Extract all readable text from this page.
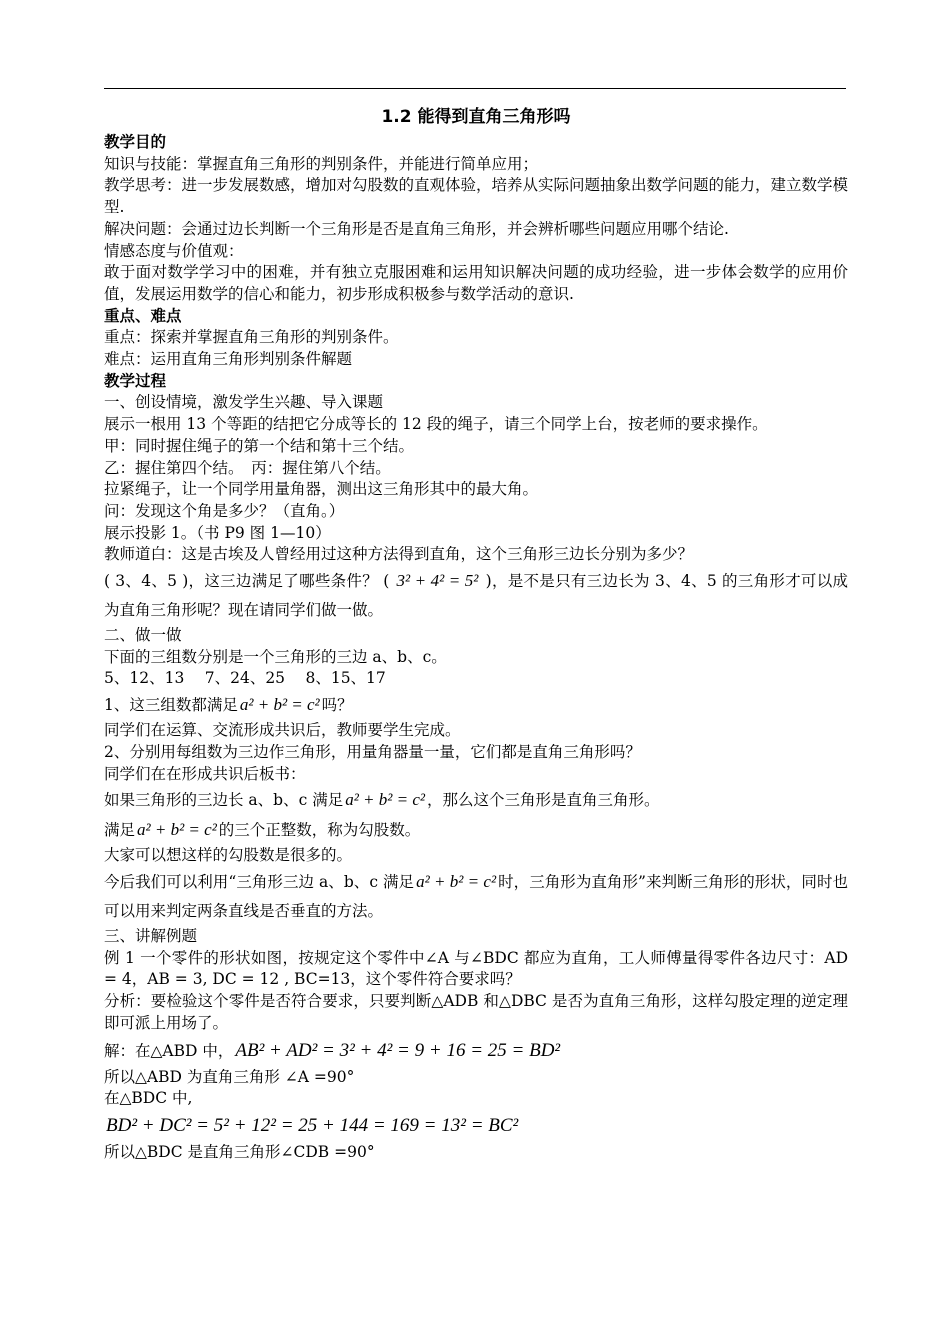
1.2 能得到直角三角形吗
教学目的
知识与技能：掌握直角三角形的判别条件，并能进行简单应用；
教学思考：进一步发展数感，增加对勾股数的直观体验，培养从实际问题抽象出数学问题的能力，建立数学模型.
解决问题：会通过边长判断一个三角形是否是直角三角形，并会辨析哪些问题应用哪个结论.
情感态度与价值观：
敢于面对数学学习中的困难，并有独立克服困难和运用知识解决问题的成功经验，进一步体会数学的应用价值，发展运用数学的信心和能力，初步形成积极参与数学活动的意识.
重点、难点
重点：探索并掌握直角三角形的判别条件。
难点：运用直角三角形判别条件解题
教学过程
一、创设情境，激发学生兴趣、导入课题
展示一根用 13 个等距的结把它分成等长的 12 段的绳子，请三个同学上台，按老师的要求操作。
甲：同时握住绳子的第一个结和第十三个结。
乙：握住第四个结。　丙：握住第八个结。
拉紧绳子，让一个同学用量角器，测出这三角形其中的最大角。
问：发现这个角是多少？（直角。）
展示投影 1。（书 P9 图 1—10）
教师道白：这是古埃及人曾经用过这种方法得到直角，这个三角形三边长分别为多少？
( 3、4、5 )，这三边满足了哪些条件？ ( 3² + 4² = 5² )，是不是只有三边长为 3、4、5 的三角形才可以成为直角三角形呢？现在请同学们做一做。
二、做一做
下面的三组数分别是一个三角形的三边 a、b、c。
5、12、13　 7、24、25　 8、15、17
1、这三组数都满足 a² + b² = c² 吗？
同学们在运算、交流形成共识后，教师要学生完成。
2、分别用每组数为三边作三角形，用量角器量一量，它们都是直角三角形吗？
同学们在在形成共识后板书：
如果三角形的三边长 a、b、c 满足 a² + b² = c² ，那么这个三角形是直角三角形。
满足 a² + b² = c² 的三个正整数，称为勾股数。
大家可以想这样的勾股数是很多的。
今后我们可以利用“三角形三边 a、b、c 满足 a² + b² = c² 时，三角形为直角形”来判断三角形的形状，同时也可以用来判定两条直线是否垂直的方法。
三、讲解例题
例 1 一个零件的形状如图，按规定这个零件中∠A 与∠BDC 都应为直角，工人师傅量得零件各边尺寸：AD = 4，AB = 3, DC = 12 , BC=13，这个零件符合要求吗？
分析：要检验这个零件是否符合要求，只要判断△ADB 和△DBC 是否为直角三角形，这样勾股定理的逆定理即可派上用场了。
解：在△ABD 中， AB² + AD² = 3² + 4² = 9 + 16 = 25 = BD²
所以△ABD 为直角三角形 ∠A =90°
在△BDC 中,
BD² + DC² = 5² + 12² = 25 + 144 = 169 = 13² = BC²
所以△BDC 是直角三角形∠CDB =90°
